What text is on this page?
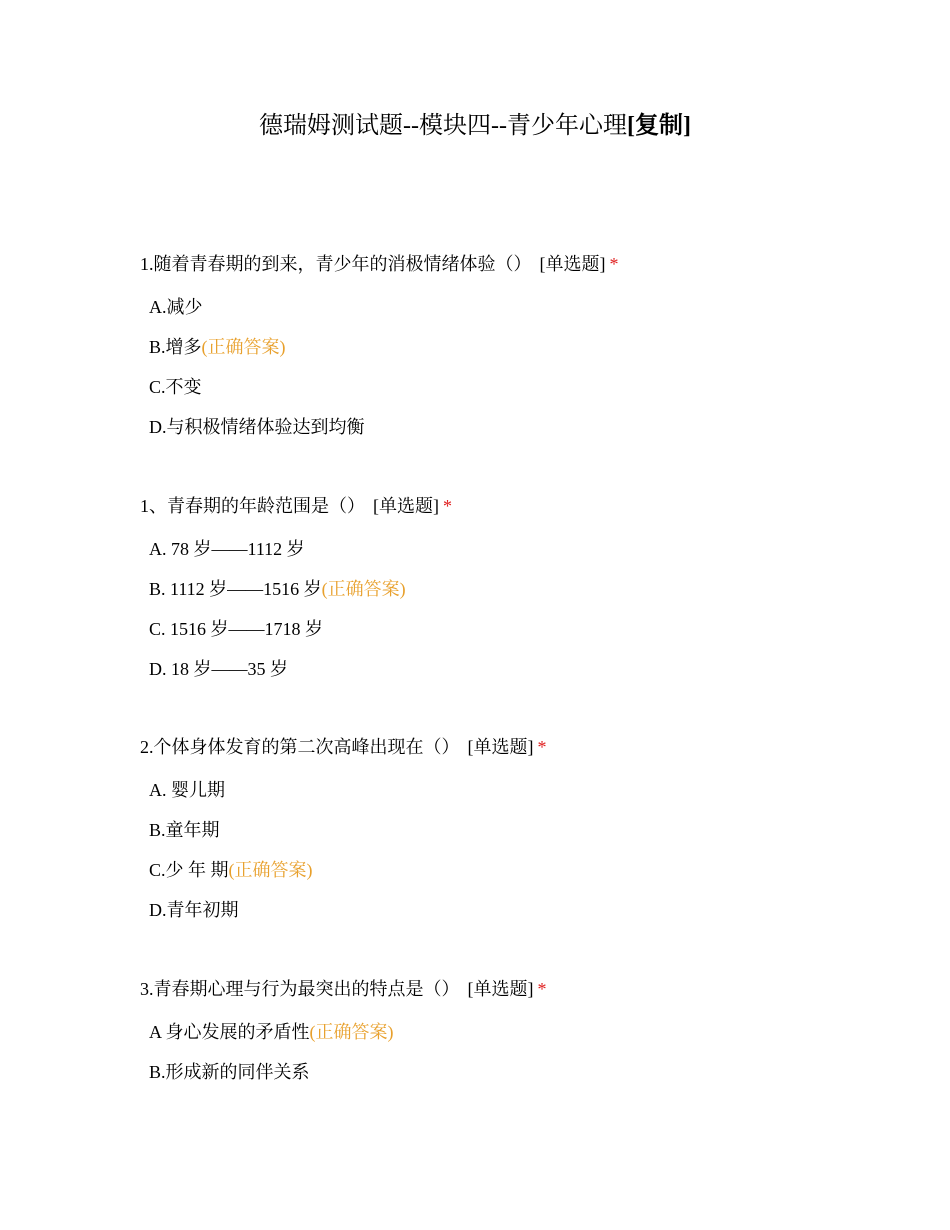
德瑞姆测试题--模块四--青少年心理[复制]
1.随着青春期的到来，青少年的消极情绪体验（） [单选题] *
A.减少
B.增多(正确答案)
C.不变
D.与积极情绪体验达到均衡
1、青春期的年龄范围是（） [单选题] *
A. 78 岁——1112 岁
B. 1112 岁——1516 岁(正确答案)
C. 1516 岁——1718 岁
D. 18 岁——35 岁
2.个体身体发育的第二次高峰出现在（） [单选题] *
A. 婴儿期
B.童年期
C.少 年 期(正确答案)
D.青年初期
3.青春期心理与行为最突出的特点是（） [单选题] *
A 身心发展的矛盾性(正确答案)
B.形成新的同伴关系
